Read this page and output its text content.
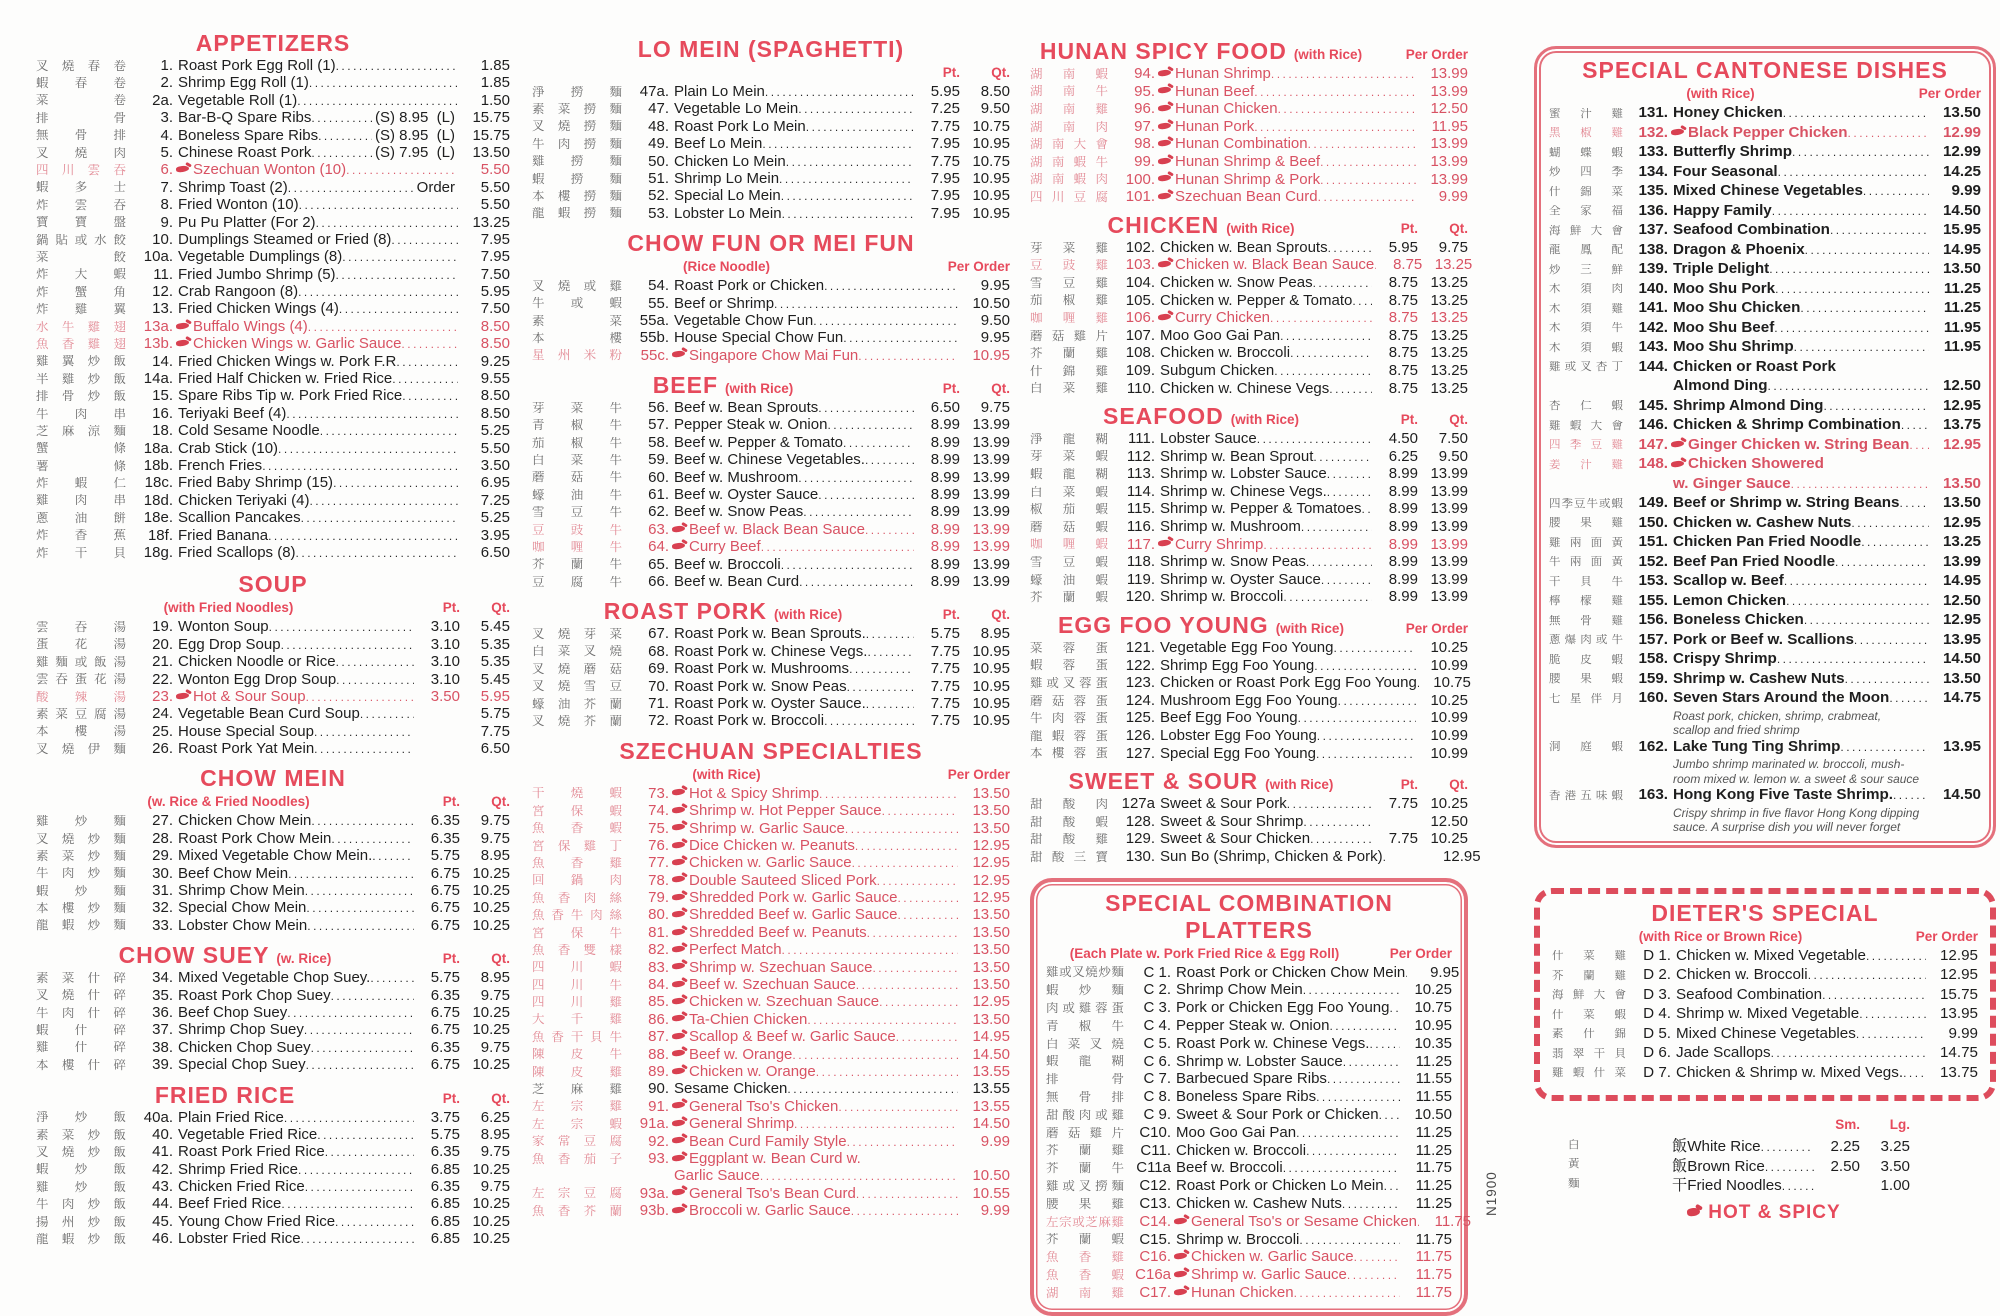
APPETIZERS
叉 燒 春 卷	1. Roast Pork Egg Roll (1) .....	1.85
蝦 春 卷	2. Shrimp Egg Roll (1) .....	1.85
菜	卷	2a. Vegetable Roll (1) .....	1.50
排	骨	3. Bar-B-Q Spare Ribs .....	(S) 8.95  (L)	15.75
無 骨 排	4. Boneless Spare Ribs .....	(S) 8.95  (L)	15.75
叉 燒 肉	5. Chinese Roast Pork .....	(S) 7.95  (L)	13.50
四 川 雲 吞	6.	Szechuan Wonton (10) .....	5.50
蝦 多 士	7. Shrimp Toast (2) .....	Order	5.50
炸 雲 吞	8. Fried Wonton (10) .....	5.50
寶 寶 盤	9. Pu Pu Platter (For 2) .....	13.25
鍋 貼 或 水 餃	10. Dumplings Steamed or Fried (8) .....	7.95
菜	餃	10a. Vegetable Dumplings (8) .....	7.95
炸 大 蝦	11. Fried Jumbo Shrimp (5) .....	7.50
炸 蟹 角	12. Crab Rangoon (8) .....	5.95
炸 雞 翼	13. Fried Chicken Wings (4) .....	7.50
水 牛 雞 翅	13a.	Buffalo Wings (4) .....	8.50
魚 香 雞 翅	13b.	Chicken Wings w. Garlic Sauce .....	8.50
雞 翼 炒 飯	14. Fried Chicken Wings w. Pork F.R .....	9.25
半 雞 炒 飯	14a. Fried Half Chicken w. Fried Rice .....	9.55
排 骨 炒 飯	15. Spare Ribs Tip w. Pork Fried Rice .....	8.50
牛 肉 串	16. Teriyaki Beef (4) .....	8.50
芝 麻 涼 麵	18. Cold Sesame Noodle .....	5.25
蟹	條	18a. Crab Stick (10) .....	5.50
薯	條	18b. French Fries .....	3.50
炸 蝦 仁	18c. Fried Baby Shrimp (15) .....	6.95
雞 肉 串	18d. Chicken Teriyaki (4) .....	7.25
蔥 油 餅	18e. Scallion Pancakes .....	5.25
炸 香 蕉	18f. Fried Banana .....	3.95
炸 干 貝	18g. Fried Scallops (8) .....	6.50
SOUP
(with Fried Noodles)	Pt.	Qt.
雲 吞 湯	19. Wonton Soup .....	3.10	5.45
蛋 花 湯	20. Egg Drop Soup .....	3.10	5.35
雞 麵 或 飯 湯	21. Chicken Noodle or Rice .....	3.10	5.35
雲 吞 蛋 花 湯	22. Wonton Egg Drop Soup .....	3.10	5.45
酸 辣 湯	23.	Hot & Sour Soup .....	3.50	5.95
素 菜 豆 腐 湯	24. Vegetable Bean Curd Soup .....	5.75
本 樓 湯	25. House Special Soup .....	7.75
叉 燒 伊 麵	26. Roast Pork Yat Mein .....	6.50
CHOW MEIN
(w. Rice & Fried Noodles)	Pt.	Qt.
雞 炒 麵	27. Chicken Chow Mein .....	6.35	9.75
叉 燒 炒 麵	28. Roast Pork Chow Mein .....	6.35	9.75
素 菜 炒 麵	29. Mixed Vegetable Chow Mein. .....	5.75	8.95
牛 肉 炒 麵	30. Beef Chow Mein .....	6.75 10.25
蝦 炒 麵	31. Shrimp Chow Mein .....	6.75 10.25
本 樓 炒 麵	32. Special Chow Mein .....	6.75 10.25
龍 蝦 炒 麵	33. Lobster Chow Mein .....	6.75 10.25
CHOW SUEY (w. Rice)	Pt.	Qt.
素 菜 什 碎	34. Mixed Vegetable Chop Suey. .....	5.75	8.95
叉 燒 什 碎	35. Roast Pork Chop Suey .....	6.35	9.75
牛 肉 什 碎	36. Beef Chop Suey .....	6.75 10.25
蝦 什 碎	37. Shrimp Chop Suey .....	6.75 10.25
雞 什 碎	38. Chicken Chop Suey .....	6.35	9.75
本 樓 什 碎	39. Special Chop Suey .....	6.75 10.25
FRIED RICE	Pt.	Qt.
淨 炒 飯	40a. Plain Fried Rice .....	3.75	6.25
素 菜 炒 飯	40. Vegetable Fried Rice .....	5.75	8.95
叉 燒 炒 飯	41. Roast Pork Fried Rice .....	6.35	9.75
蝦 炒 飯	42. Shrimp Fried Rice .....	6.85 10.25
雞 炒 飯	43. Chicken Fried Rice .....	6.35	9.75
牛 肉 炒 飯	44. Beef Fried Rice .....	6.85 10.25
揚 州 炒 飯	45. Young Chow Fried Rice .....	6.85 10.25
龍 蝦 炒 飯	46. Lobster Fried Rice .....	6.85 10.25
LO MEIN (SPAGHETTI)
Pt.	Qt.
淨 撈 麵	47a. Plain Lo Mein .....	5.95	8.50
素 菜 撈 麵	47. Vegetable Lo Mein .....	7.25	9.50
叉 燒 撈 麵	48. Roast Pork Lo Mein .....	7.75 10.75
牛 肉 撈 麵	49. Beef Lo Mein .....	7.95 10.95
雞 撈 麵	50. Chicken Lo Mein .....	7.75 10.75
蝦 撈 麵	51. Shrimp Lo Mein .....	7.95 10.95
本 樓 撈 麵	52. Special Lo Mein .....	7.95 10.95
龍 蝦 撈 麵	53. Lobster Lo Mein .....	7.95 10.95
CHOW FUN OR MEI FUN
(Rice Noodle)	Per Order
叉 燒 或 雞	54. Roast Pork or Chicken .....	9.95
牛 或 蝦	55. Beef or Shrimp .....	10.50
素	菜	55a. Vegetable Chow Fun .....	9.50
本	樓	55b. House Special Chow Fun .....	9.95
星 州 米 粉	55c.	Singapore Chow Mai Fun .....	10.95
BEEF (with Rice)	Pt.	Qt.
芽 菜 牛	56. Beef w. Bean Sprouts .....	6.50	9.75
青 椒 牛	57. Pepper Steak w. Onion .....	8.99 13.99
茄 椒 牛	58. Beef w. Pepper & Tomato .....	8.99 13.99
白 菜 牛	59. Beef w. Chinese Vegetables. .....	8.99 13.99
蘑 菇 牛	60. Beef w. Mushroom .....	8.99 13.99
蠔 油 牛	61. Beef w. Oyster Sauce .....	8.99 13.99
雪 豆 牛	62. Beef w. Snow Peas .....	8.99 13.99
豆 豉 牛	63.	Beef w. Black Bean Sauce .....	8.99 13.99
咖 喱 牛	64.	Curry Beef .....	8.99 13.99
芥 蘭 牛	65. Beef w. Broccoli .....	8.99 13.99
豆 腐 牛	66. Beef w. Bean Curd .....	8.99 13.99
ROAST PORK (with Rice)	Pt.	Qt.
叉 燒 芽 菜	67. Roast Pork w. Bean Sprouts. .....	5.75	8.95
白 菜 叉 燒	68. Roast Pork w. Chinese Vegs. .....	7.75 10.95
叉 燒 蘑 菇	69. Roast Pork w. Mushrooms .....	7.75 10.95
叉 燒 雪 豆	70. Roast Pork w. Snow Peas .....	7.75 10.95
蠔 油 芥 蘭	71. Roast Pork w. Oyster Sauce. .....	7.75 10.95
叉 燒 芥 蘭	72. Roast Pork w. Broccoli .....	7.75 10.95
SZECHUAN SPECIALTIES
(with Rice)	Per Order
干 燒 蝦	73.	Hot & Spicy Shrimp .....	13.50
宮 保 蝦	74.	Shrimp w. Hot Pepper Sauce .....	13.50
魚 香 蝦	75.	Shrimp w. Garlic Sauce .....	13.50
宮 保 雞 丁	76.	Dice Chicken w. Peanuts .....	12.95
魚 香 雞	77.	Chicken w. Garlic Sauce .....	12.95
回 鍋 肉	78.	Double Sauteed Sliced Pork .....	12.95
魚 香 肉 絲	79.	Shredded Pork w. Garlic Sauce .....	12.95
魚 香 牛 肉 絲	80.	Shredded Beef w. Garlic Sauce .....	13.50
宮 保 牛	81.	Shredded Beef w. Peanuts .....	13.50
魚 香 雙 樣	82.	Perfect Match .....	13.50
四 川 蝦	83.	Shrimp w. Szechuan Sauce .....	13.50
四 川 牛	84.	Beef w. Szechuan Sauce .....	13.50
四 川 雞	85.	Chicken w. Szechuan Sauce .....	12.95
大 千 雞	86.	Ta-Chien Chicken .....	13.50
魚 香 干 貝 牛	87.	Scallop & Beef w. Garlic Sauce .....	14.95
陳 皮 牛	88.	Beef w. Orange .....	14.50
陳 皮 雞	89.	Chicken w. Orange .....	13.55
芝 麻 雞	90. Sesame Chicken .....	13.55
左 宗 雞	91.	General Tso's Chicken .....	13.55
左 宗 蝦	91a.	General Shrimp .....	14.50
家 常 豆 腐	92.	Bean Curd Family Style .....	9.99
魚 香 茄 子	93.	Eggplant w. Bean Curd w.
Garlic Sauce .....	10.50
左 宗 豆 腐	93a.	General Tso's Bean Curd .....	10.55
魚 香 芥 蘭	93b.	Broccoli w. Garlic Sauce .....	9.99
HUNAN SPICY FOOD (with Rice)	Per Order
湖 南 蝦	94.	Hunan Shrimp .....	13.99
湖 南 牛	95.	Hunan Beef .....	13.99
湖 南 雞	96.	Hunan Chicken .....	12.50
湖 南 肉	97.	Hunan Pork .....	11.95
湖 南 大 會	98.	Hunan Combination .....	13.99
湖 南 蝦 牛	99.	Hunan Shrimp & Beef .....	13.99
湖 南 蝦 肉	100.	Hunan Shrimp & Pork .....	13.99
四 川 豆 腐	101.	Szechuan Bean Curd .....	9.99
CHICKEN (with Rice)	Pt.	Qt.
芽 菜 雞	102. Chicken w. Bean Sprouts .....	5.95	9.75
豆 豉 雞	103.	Chicken w. Black Bean Sauce .....	8.75 13.25
雪 豆 雞	104. Chicken w. Snow Peas .....	8.75 13.25
茄 椒 雞	105. Chicken w. Pepper & Tomato .....	8.75 13.25
咖 喱 雞	106.	Curry Chicken .....	8.75 13.25
蘑 菇 雞 片	107. Moo Goo Gai Pan .....	8.75 13.25
芥 蘭 雞	108. Chicken w. Broccoli .....	8.75 13.25
什 錦 雞	109. Subgum Chicken .....	8.75 13.25
白 菜 雞	110. Chicken w. Chinese Vegs .....	8.75 13.25
SEAFOOD (with Rice)	Pt.	Qt.
淨 龍 糊	111. Lobster Sauce .....	4.50	7.50
芽 菜 蝦	112. Shrimp w. Bean Sprout .....	6.25	9.50
蝦 龍 糊	113. Shrimp w. Lobster Sauce .....	8.99 13.99
白 菜 蝦	114. Shrimp w. Chinese Vegs. .....	8.99 13.99
椒 茄 蝦	115. Shrimp w. Pepper & Tomatoes .....	8.99 13.99
蘑 菇 蝦	116. Shrimp w. Mushroom .....	8.99 13.99
咖 喱 蝦	117.	Curry Shrimp .....	8.99 13.99
雪 豆 蝦	118. Shrimp w. Snow Peas .....	8.99 13.99
蠔 油 蝦	119. Shrimp w. Oyster Sauce .....	8.99 13.99
芥 蘭 蝦	120. Shrimp w. Broccoli .....	8.99 13.99
EGG FOO YOUNG (with Rice)	Per Order
菜 蓉 蛋	121. Vegetable Egg Foo Young .....	10.25
蝦 蓉 蛋	122. Shrimp Egg Foo Young .....	10.99
雞 或 叉 蓉 蛋	123. Chicken or Roast Pork Egg Foo Young .....	10.75
蘑 菇 蓉 蛋	124. Mushroom Egg Foo Young .....	10.25
牛 肉 蓉 蛋	125. Beef Egg Foo Young .....	10.99
龍 蝦 蓉 蛋	126. Lobster Egg Foo Young .....	10.99
本 樓 蓉 蛋	127. Special Egg Foo Young .....	10.99
SWEET & SOUR (with Rice)	Pt.	Qt.
甜 酸 肉 127a Sweet & Sour Pork .....	7.75 10.25
甜 酸 蝦	128. Sweet & Sour Shrimp .....	12.50
甜 酸 雞	129. Sweet & Sour Chicken .....	7.75 10.25
甜 酸 三 寶	130. Sun Bo (Shrimp, Chicken & Pork) .....	12.95
SPECIAL COMBINATION PLATTERS
(Each Plate w. Pork Fried Rice & Egg Roll)	Per Order
雞 或 叉 燒 炒 麵	C 1. Roast Pork or Chicken Chow Mein .....	9.95
蝦 炒 麵	C 2. Shrimp Chow Mein .....	10.25
肉 或 雞 蓉 蛋	C 3. Pork or Chicken Egg Foo Young .....	10.75
青 椒 牛	C 4. Pepper Steak w. Onion .....	10.95
白 菜 叉 燒	C 5. Roast Pork w. Chinese Vegs. .....	10.35
蝦 龍 糊	C 6. Shrimp w. Lobster Sauce .....	11.25
排	骨	C 7. Barbecued Spare Ribs .....	11.55
無 骨 排	C 8. Boneless Spare Ribs .....	11.55
甜 酸 肉 或 雞	C 9. Sweet & Sour Pork or Chicken .....	10.50
蘑 菇 雞 片	C10. Moo Goo Gai Pan .....	11.25
芥 蘭 雞	C11. Chicken w. Broccoli .....	11.25
芥 蘭 牛 C11a Beef w. Broccoli .....	11.75
雞 或 叉 撈 麵	C12. Roast Pork or Chicken Lo Mein .....	11.25
腰 果 雞	C13. Chicken w. Cashew Nuts .....	11.25
左 宗 或 芝 麻 雞	C14.	General Tso's or Sesame Chicken .....	11.75
芥 蘭 蝦	C15. Shrimp w. Broccoli .....	11.75
魚 香 雞	C16.	Chicken w. Garlic Sauce .....	11.75
魚 香 蝦 C16a	Shrimp w. Garlic Sauce .....	11.75
湖 南 雞	C17.	Hunan Chicken .....	11.75
SPECIAL CANTONESE DISHES
(with Rice)	Per Order
蜜 汁 雞	131. Honey Chicken .....	13.50
黑 椒 雞	132.	Black Pepper Chicken .....	12.99
蝴 蝶 蝦	133. Butterfly Shrimp .....	12.99
炒 四 季	134. Four Seasonal .....	14.25
什 錦 菜	135. Mixed Chinese Vegetables .....	9.99
全 家 福	136. Happy Family .....	14.50
海 鮮 大 會	137. Seafood Combination .....	15.95
龍 鳳 配	138. Dragon & Phoenix .....	14.95
炒 三 鮮	139. Triple Delight .....	13.50
木 須 肉	140. Moo Shu Pork .....	11.25
木 須 雞	141. Moo Shu Chicken .....	11.25
木 須 牛	142. Moo Shu Beef .....	11.95
木 須 蝦	143. Moo Shu Shrimp .....	11.95
雞 或 叉 杏 丁	144. Chicken or Roast Pork
Almond Ding .....	12.50
杏 仁 蝦	145. Shrimp Almond Ding .....	12.95
雞 蝦 大 會	146. Chicken & Shrimp Combination .....	13.75
四 季 豆 雞	147.	Ginger Chicken w. String Bean .....	12.95
姜 汁 雞	148.	Chicken Showered
w. Ginger Sauce .....	13.50
四 季 豆 牛 或 蝦	149. Beef or Shrimp w. String Beans .....	13.50
腰 果 雞	150. Chicken w. Cashew Nuts .....	12.95
雞 兩 面 黃	151. Chicken Pan Fried Noodle .....	13.25
牛 兩 面 黃	152. Beef Pan Fried Noodle .....	13.99
干 貝 牛	153. Scallop w. Beef .....	14.95
檸 檬 雞	155. Lemon Chicken .....	12.50
無 骨 雞	156. Boneless Chicken .....	12.95
蔥 爆 肉 或 牛	157. Pork or Beef w. Scallions .....	13.95
脆 皮 蝦	158. Crispy Shrimp .....	14.50
腰 果 蝦	159. Shrimp w. Cashew Nuts .....	13.50
七 星 伴 月	160. Seven Stars Around the Moon .....	14.75
Roast pork, chicken, shrimp, crabmeat,
scallop and fried shrimp
洞 庭 蝦	162. Lake Tung Ting Shrimp .....	13.95
Jumbo shrimp marinated w. broccoli, mush-
room mixed w. lemon w. a sweet & sour sauce
香 港 五 味 蝦	163. Hong Kong Five Taste Shrimp. .....	14.50
Crispy shrimp in five flavor Hong Kong dipping
sauce. A surprise dish you will never forget
DIETER'S SPECIAL
(with Rice or Brown Rice)	Per Order
什 菜 雞	D 1. Chicken w. Mixed Vegetable .....	12.95
芥 蘭 雞	D 2. Chicken w. Broccoli .....	12.95
海 鮮 大 會	D 3. Seafood Combination .....	15.75
什 菜 蝦	D 4. Shrimp w. Mixed Vegetable .....	13.95
素 什 錦	D 5. Mixed Chinese Vegetables .....	9.99
翡 翠 干 貝	D 6. Jade Scallops .....	14.75
雞 蝦 什 菜	D 7. Chicken & Shrimp w. Mixed Vegs. .....	13.75
Sm.	Lg.
白	飯White Rice .....	2.25	3.25
黃	飯Brown Rice .....	2.50	3.50
麵	干Fried Noodles .....	1.00
HOT & SPICY
N1900
